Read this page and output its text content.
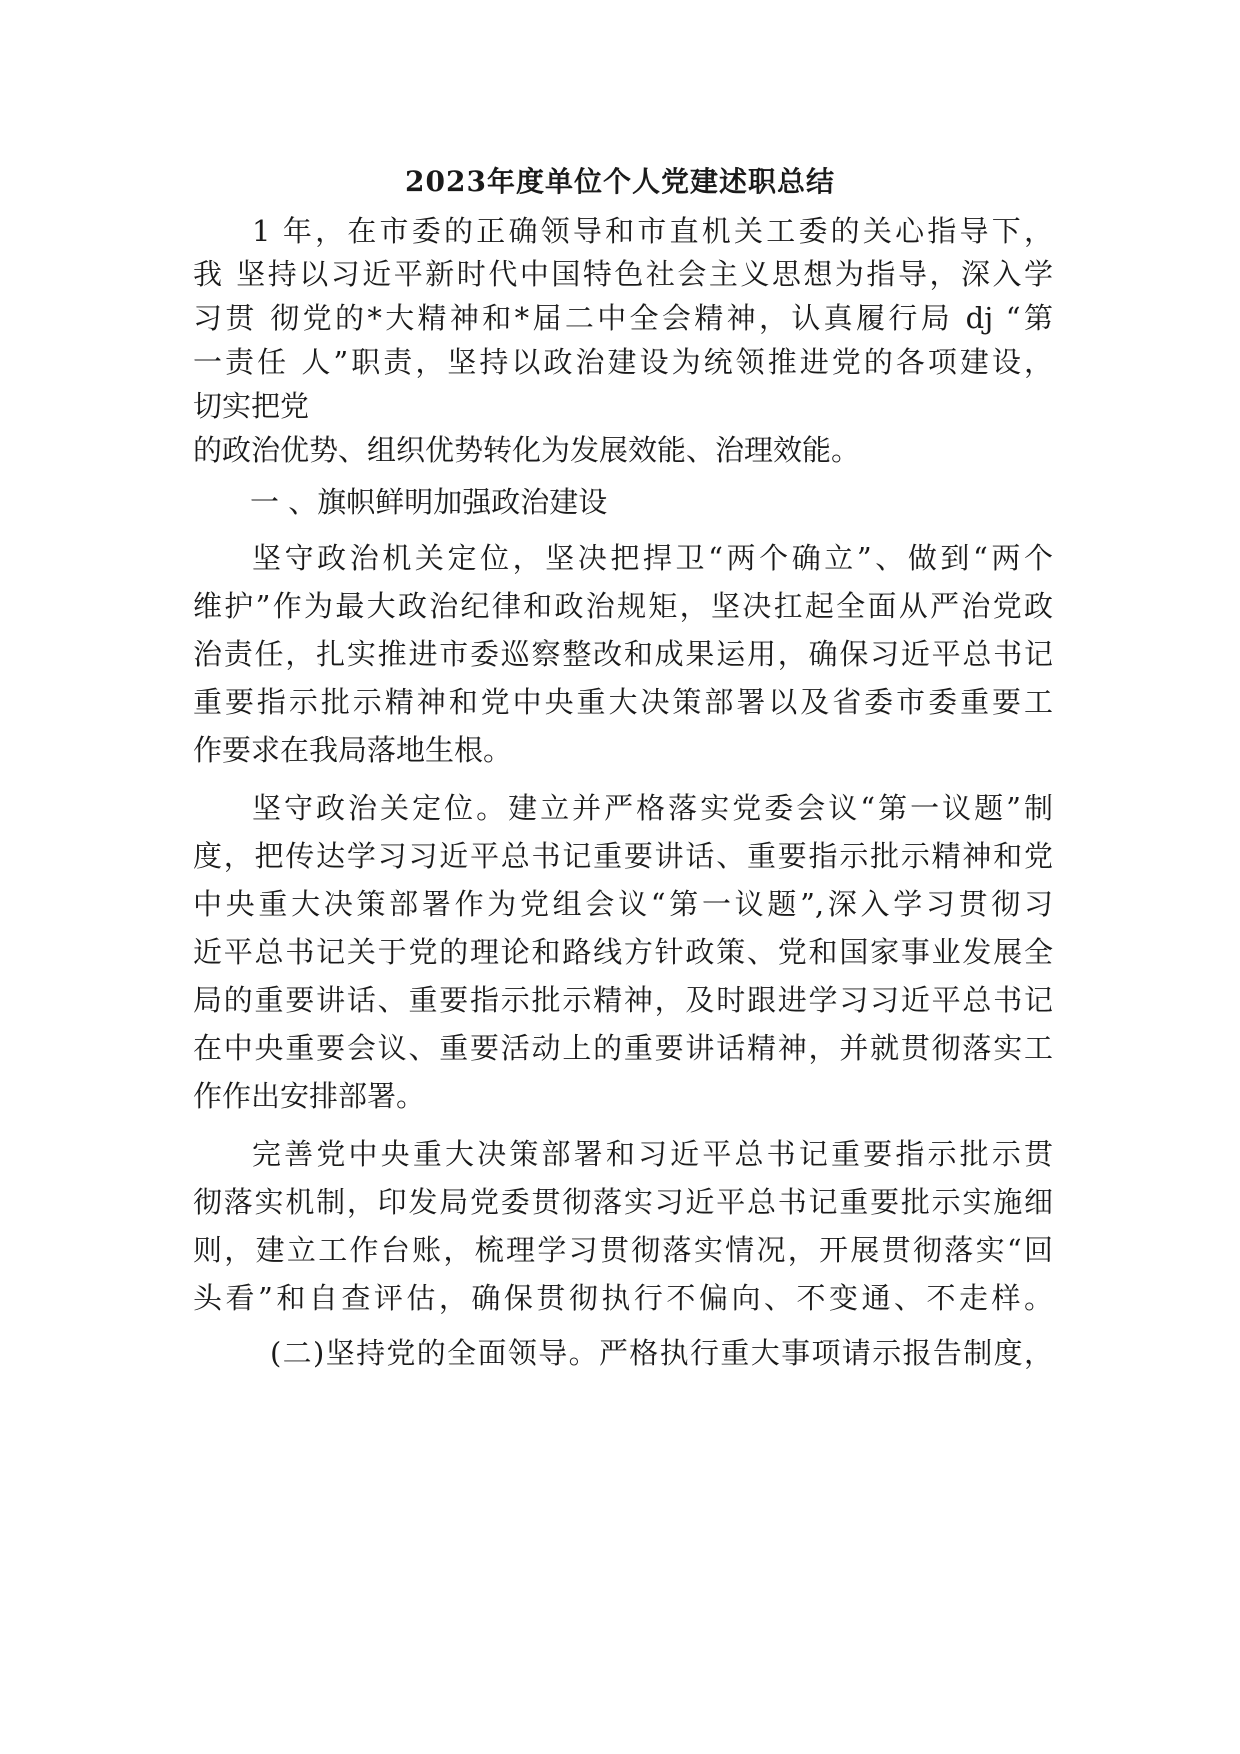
2023年度单位个人党建述职总结
1 年，在市委的正确领导和市直机关工委的关心指导下，
我 坚持以习近平新时代中国特色社会主义思想为指导，深入学
习贯 彻党的*大精神和*届二中全会精神，认真履行局 dj “第
一责任 人”职责，坚持以政治建设为统领推进党的各项建设，
切实把党
的政治优势、组织优势转化为发展效能、治理效能。
一 、旗帜鲜明加强政治建设
坚守政治机关定位，坚决把捍卫“两个确立”、做到“两个
维护”作为最大政治纪律和政治规矩，坚决扛起全面从严治党政
治责任，扎实推进市委巡察整改和成果运用，确保习近平总书记
重要指示批示精神和党中央重大决策部署以及省委市委重要工
作要求在我局落地生根。
坚守政治关定位。建立并严格落实党委会议“第一议题”制
度，把传达学习习近平总书记重要讲话、重要指示批示精神和党
中央重大决策部署作为党组会议“第一议题”,深入学习贯彻习
近平总书记关于党的理论和路线方针政策、党和国家事业发展全
局的重要讲话、重要指示批示精神，及时跟进学习习近平总书记
在中央重要会议、重要活动上的重要讲话精神，并就贯彻落实工
作作出安排部署。
完善党中央重大决策部署和习近平总书记重要指示批示贯
彻落实机制，印发局党委贯彻落实习近平总书记重要批示实施细
则，建立工作台账，梳理学习贯彻落实情况，开展贯彻落实“回
头看”和自查评估，确保贯彻执行不偏向、不变通、不走样。
(二)坚持党的全面领导。严格执行重大事项请示报告制度，
